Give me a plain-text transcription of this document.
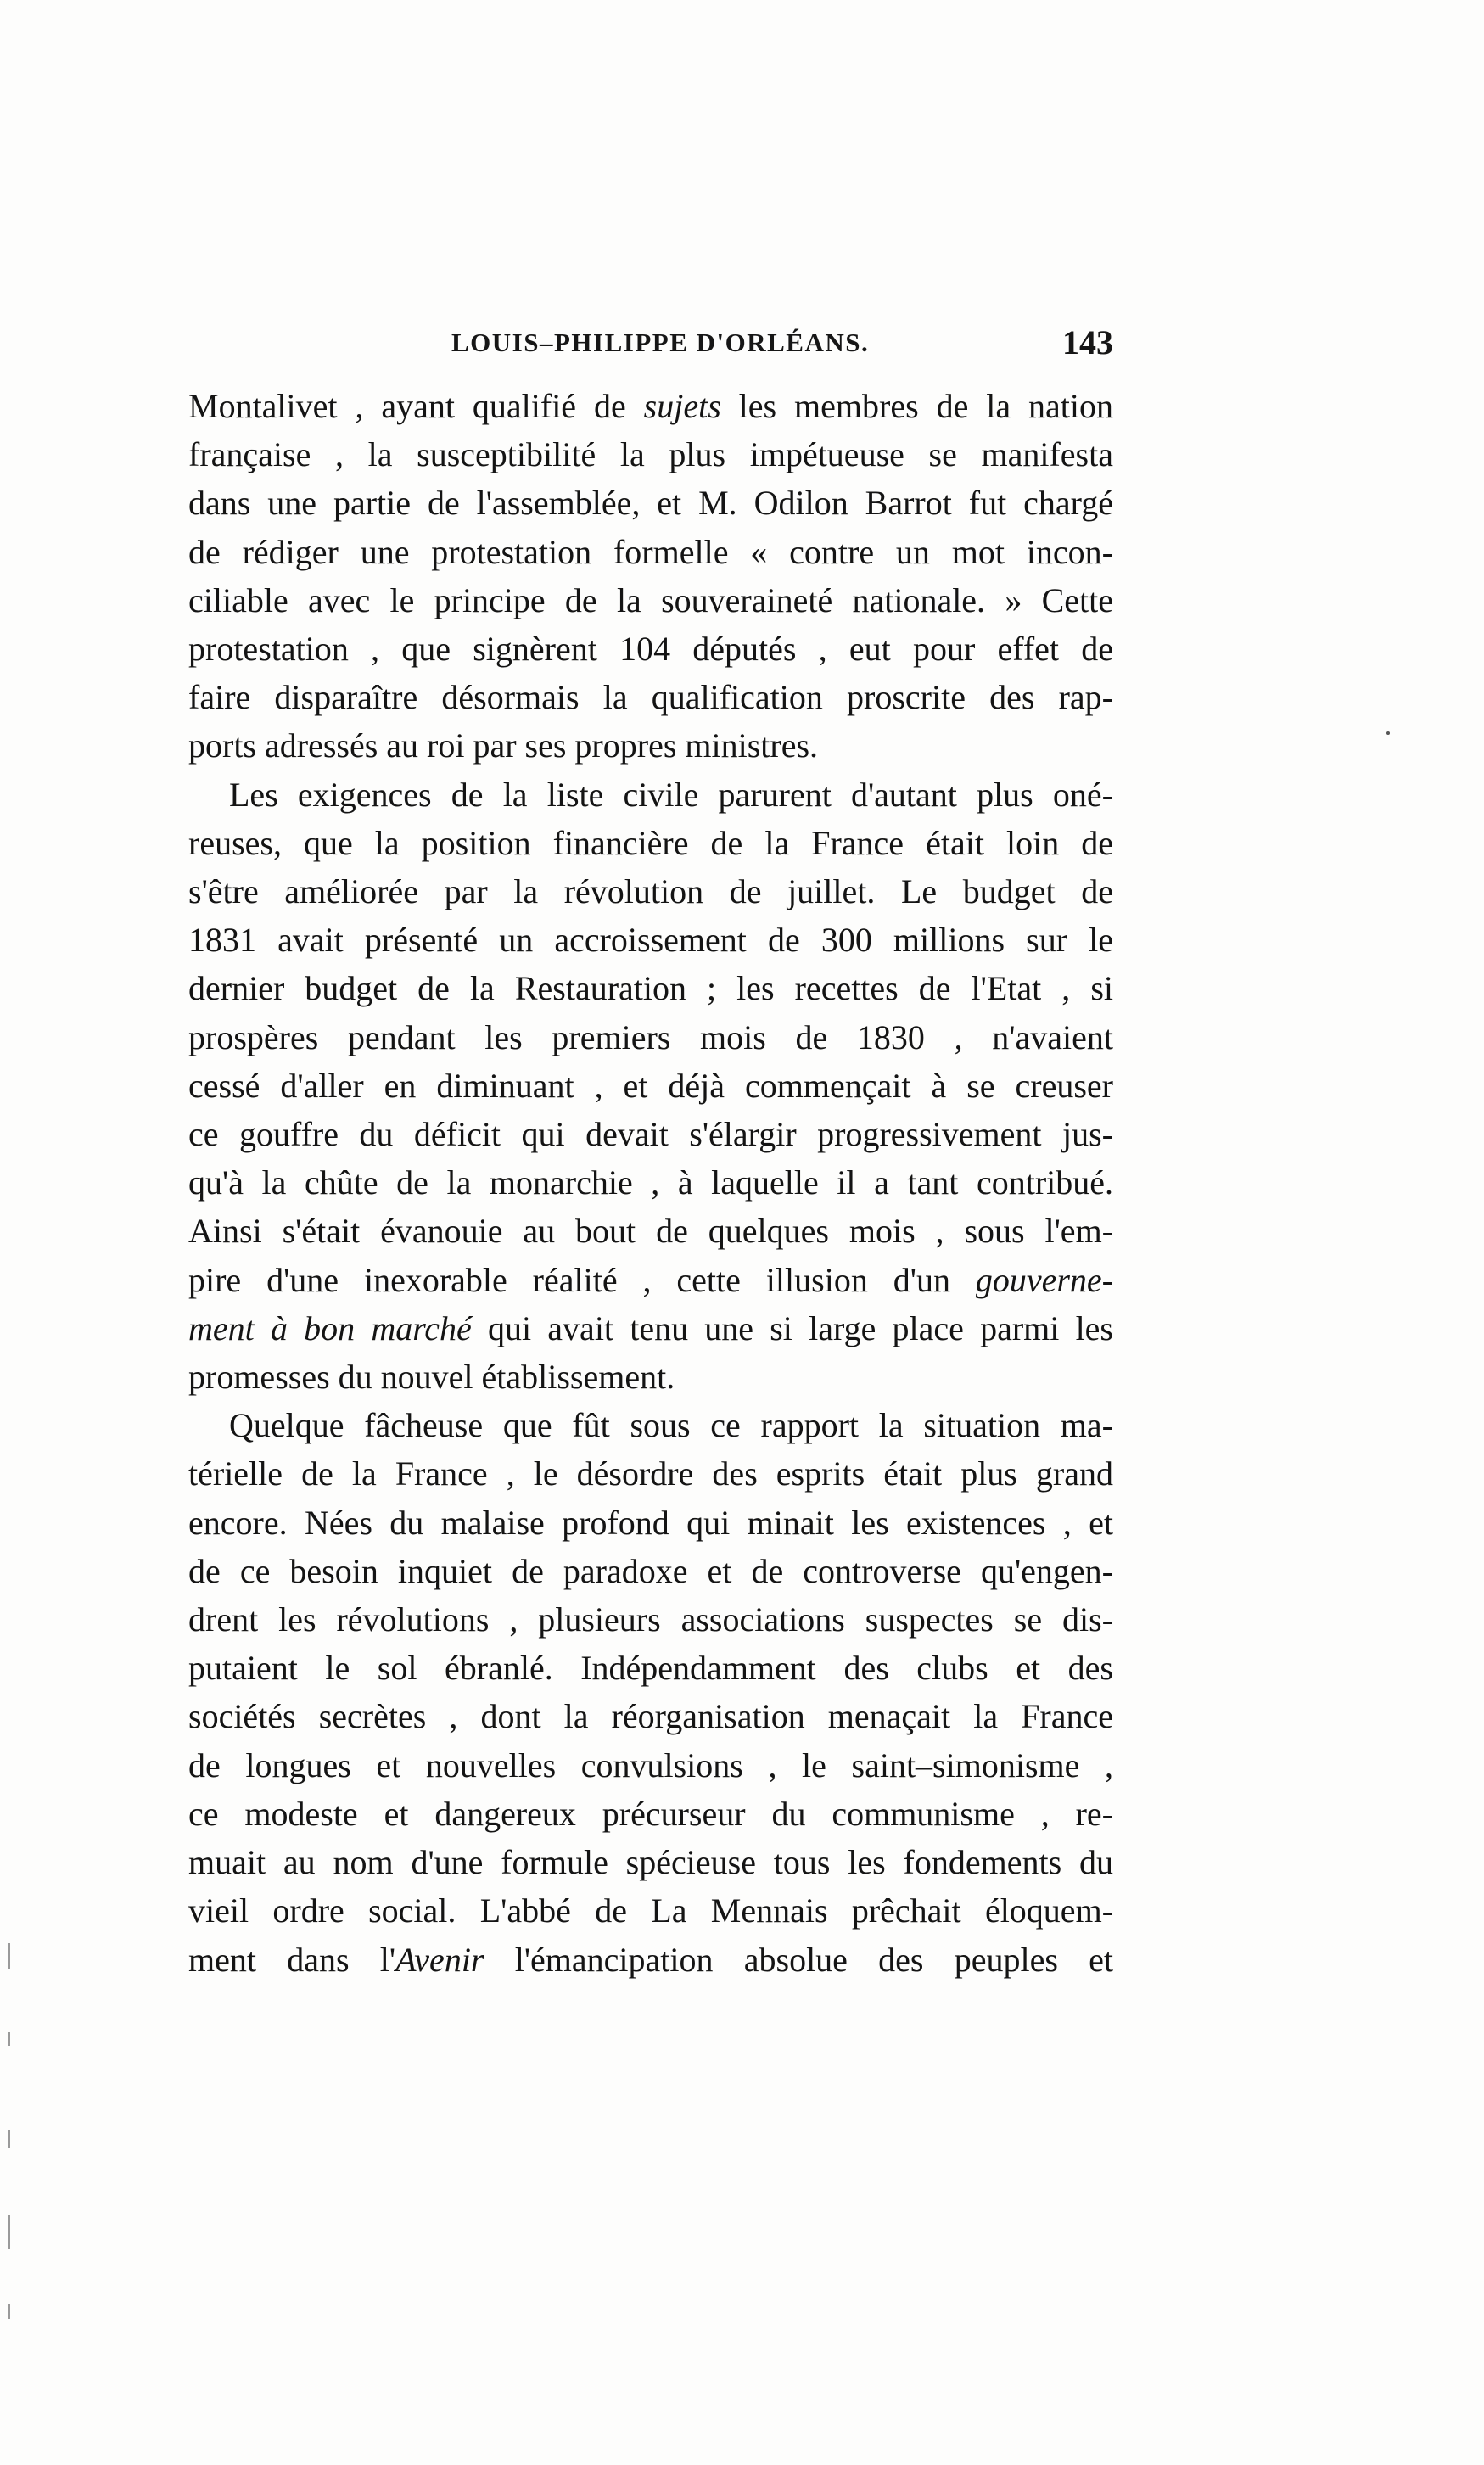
LOUIS–PHILIPPE D'ORLÉANS.	143
Montalivet , ayant qualifié de sujets les membres de la nation
française , la susceptibilité la plus impétueuse se manifesta
dans une partie de l'assemblée, et M. Odilon Barrot fut chargé
de rédiger une protestation formelle « contre un mot incon-
ciliable avec le principe de la souveraineté nationale. » Cette
protestation , que signèrent 104 députés , eut pour effet de
faire disparaître désormais la qualification proscrite des rap-
ports adressés au roi par ses propres ministres.
Les exigences de la liste civile parurent d'autant plus oné-
reuses, que la position financière de la France était loin de
s'être améliorée par la révolution de juillet. Le budget de
1831 avait présenté un accroissement de 300 millions sur le
dernier budget de la Restauration ; les recettes de l'Etat , si
prospères pendant les premiers mois de 1830 , n'avaient
cessé d'aller en diminuant , et déjà commençait à se creuser
ce gouffre du déficit qui devait s'élargir progressivement jus-
qu'à la chûte de la monarchie , à laquelle il a tant contribué.
Ainsi s'était évanouie au bout de quelques mois , sous l'em-
pire d'une inexorable réalité , cette illusion d'un gouverne-
ment à bon marché qui avait tenu une si large place parmi les
promesses du nouvel établissement.
Quelque fâcheuse que fût sous ce rapport la situation ma-
térielle de la France , le désordre des esprits était plus grand
encore. Nées du malaise profond qui minait les existences , et
de ce besoin inquiet de paradoxe et de controverse qu'engen-
drent les révolutions , plusieurs associations suspectes se dis-
putaient le sol ébranlé. Indépendamment des clubs et des
sociétés secrètes , dont la réorganisation menaçait la France
de longues et nouvelles convulsions , le saint–simonisme ,
ce modeste et dangereux précurseur du communisme , re-
muait au nom d'une formule spécieuse tous les fondements du
vieil ordre social. L'abbé de La Mennais prêchait éloquem-
ment dans l'Avenir l'émancipation absolue des peuples et
